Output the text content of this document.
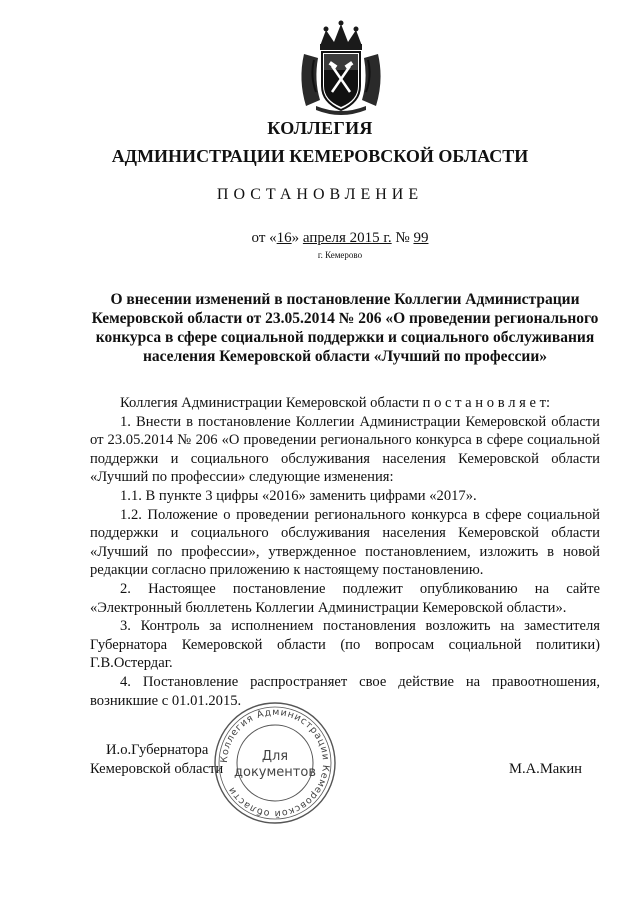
КОЛЛЕГИЯ
АДМИНИСТРАЦИИ КЕМЕРОВСКОЙ ОБЛАСТИ
ПОСТАНОВЛЕНИЕ
от «16» апреля 2015 г. № 99
г. Кемерово
О внесении изменений в постановление Коллегии Администрации Кемеровской области от 23.05.2014 № 206 «О проведении регионального конкурса в сфере социальной поддержки и социального обслуживания населения Кемеровской области «Лучший по профессии»

Коллегия Администрации Кемеровской области п о с т а н о в л я е т:

1. Внести в постановление Коллегии Администрации Кемеровской области от 23.05.2014 № 206 «О проведении регионального конкурса в сфере социальной поддержки и социального обслуживания населения Кемеровской области «Лучший по профессии» следующие изменения:

1.1. В пункте 3 цифры «2016» заменить цифрами «2017».

1.2. Положение о проведении регионального конкурса в сфере социальной поддержки и социального обслуживания населения Кемеровской области «Лучший по профессии», утвержденное постановлением, изложить в новой редакции согласно приложению к настоящему постановлению.

2. Настоящее постановление подлежит опубликованию на сайте «Электронный бюллетень Коллегии Администрации Кемеровской области».

3. Контроль за исполнением постановления возложить на заместителя Губернатора Кемеровской области (по вопросам социальной политики) Г.В.Остердаг.

4. Постановление распространяет свое действие на правоотношения, возникшие с 01.01.2015.

И.о.Губернатора
Кемеровской области	М.А.Макин
Коллегия Администрации Кемеровской области
Для
документов
